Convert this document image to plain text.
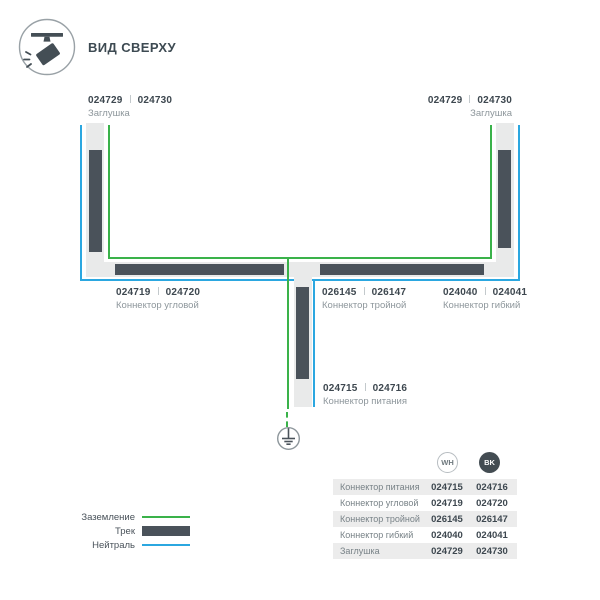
ВИД СВЕРХУ
024729 024730
Заглушка
024729 024730
Заглушка
024719 024720
Коннектор угловой
026145 026147
Коннектор тройной
024040 024041
Коннектор гибкий
024715 024716
Коннектор питания
Заземление
Трек
Нейтраль
WH	BK
Коннектор питания	024715	024716
Коннектор угловой	024719	024720
Коннектор тройной	026145	026147
Коннектор гибкий	024040	024041
Заглушка	024729	024730
